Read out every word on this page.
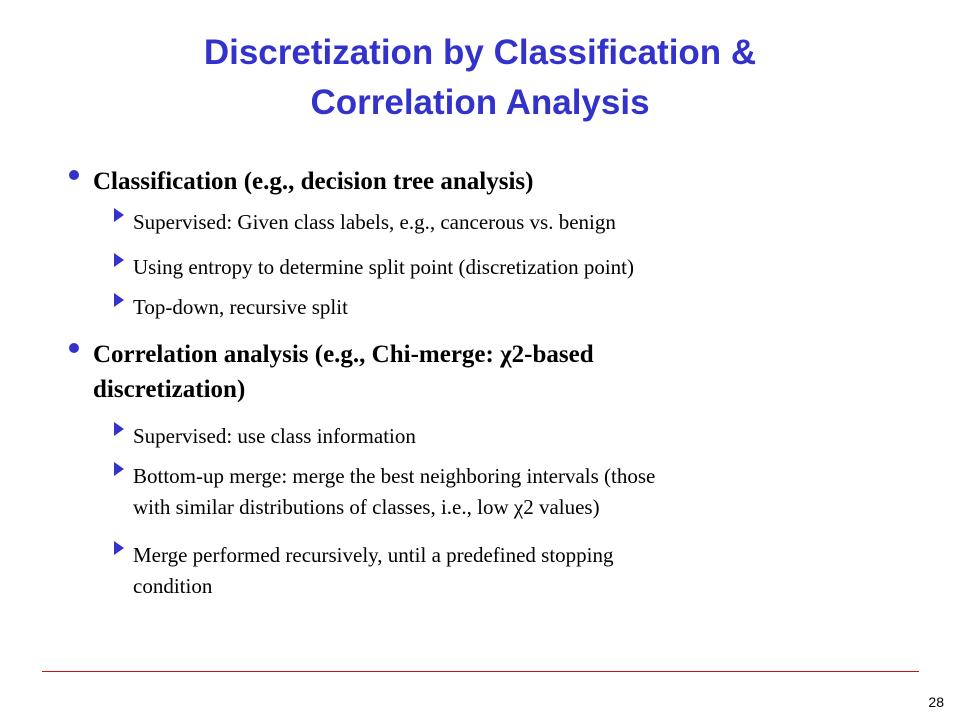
Discretization by Classification &
Correlation Analysis
Classification (e.g., decision tree analysis)
Supervised: Given class labels, e.g., cancerous vs. benign
Using entropy to determine split point (discretization point)
Top-down, recursive split
Correlation analysis (e.g., Chi-merge: χ2-based
discretization)
Supervised: use class information
Bottom-up merge: merge the best neighboring intervals (those
with similar distributions of classes, i.e., low χ2 values)
Merge performed recursively, until a predefined stopping
condition
28
